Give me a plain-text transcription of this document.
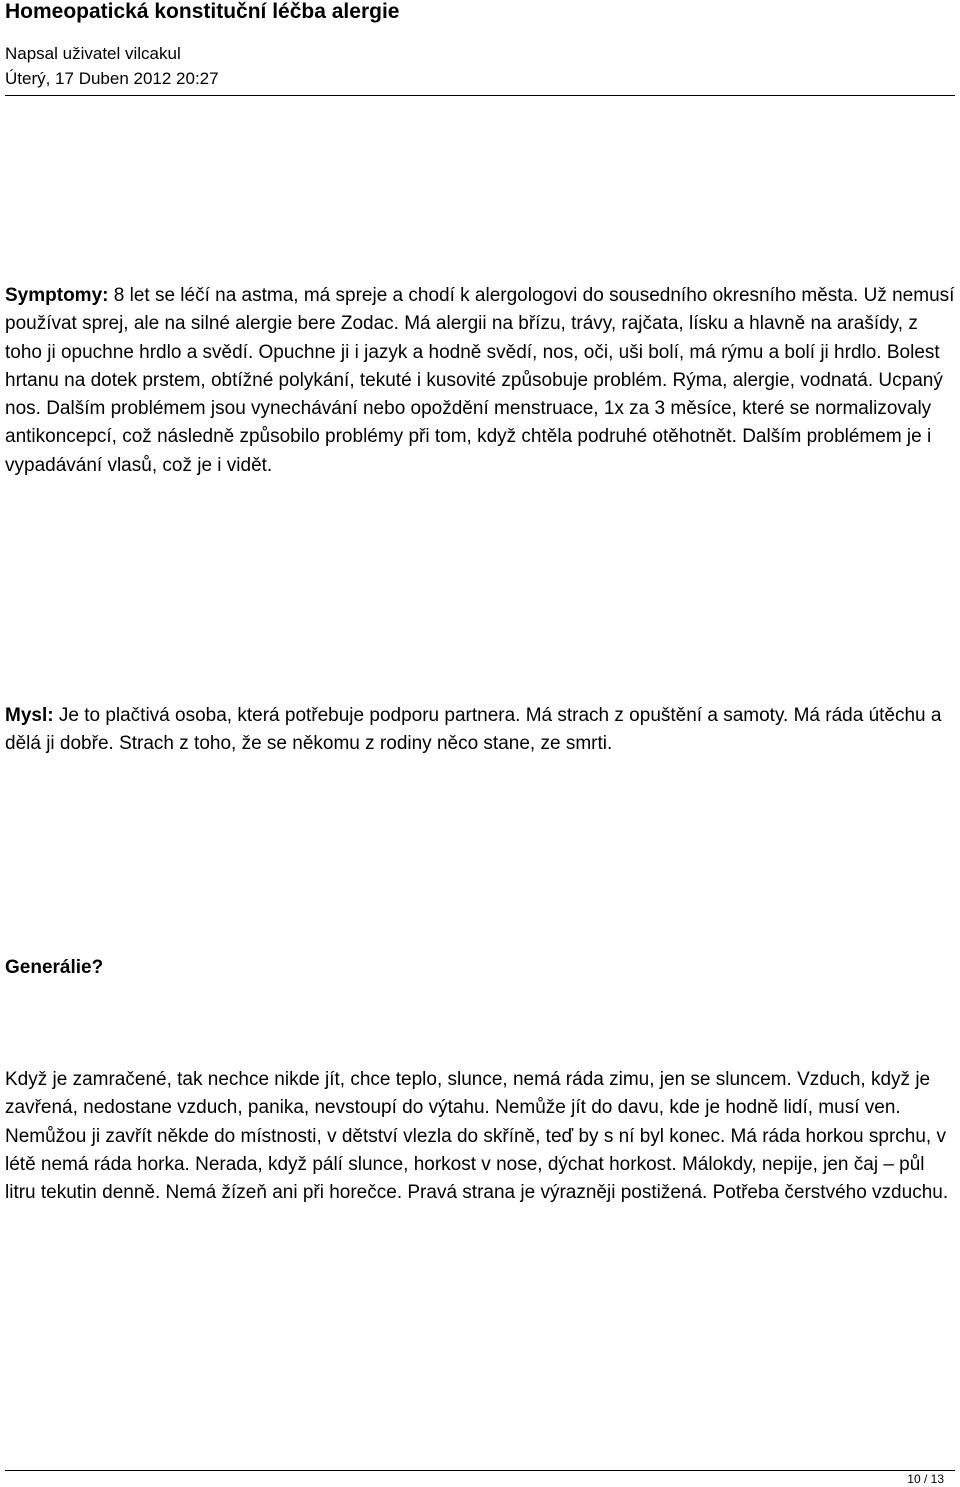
Homeopatická konstituční léčba alergie
Napsal uživatel vilcakul
Úterý, 17 Duben 2012 20:27

Symptomy: 8 let se léčí na astma, má spreje a chodí k alergologovi do sousedního okresního města. Už nemusí používat sprej, ale na silné alergie bere Zodac. Má alergii na břízu, trávy, rajčata, lísku a hlavně na arašídy, z toho ji opuchne hrdlo a svědí. Opuchne ji i jazyk a hodně svědí, nos, oči, uši bolí, má rýmu a bolí ji hrdlo. Bolest hrtanu na dotek prstem, obtížné polykání, tekuté i kusovité způsobuje problém. Rýma, alergie, vodnatá. Ucpaný nos. Dalším problémem jsou vynechávání nebo opoždění menstruace, 1x za 3 měsíce, které se normalizovaly antikoncepcí, což následně způsobilo problémy při tom, když chtěla podruhé otěhotnět. Dalším problémem je i vypadávání vlasů, což je i vidět.

Mysl: Je to plačtivá osoba, která potřebuje podporu partnera. Má strach z opuštění a samoty. Má ráda útěchu a dělá ji dobře. Strach z toho, že se někomu z rodiny něco stane, ze smrti.

Generálie?

Když je zamračené, tak nechce nikde jít, chce teplo, slunce, nemá ráda zimu, jen se sluncem. Vzduch, když je zavřená, nedostane vzduch, panika, nevstoupí do výtahu. Nemůže jít do davu, kde je hodně lidí, musí ven. Nemůžou ji zavřít někde do místnosti, v dětství vlezla do skříně, teď by s ní byl konec. Má ráda horkou sprchu, v létě nemá ráda horka. Nerada, když pálí slunce, horkost v nose, dýchat horkost. Málokdy, nepije, jen čaj – půl litru tekutin denně. Nemá žízeň ani při horečce. Pravá strana je výrazněji postižená. Potřeba čerstvého vzduchu.

10 / 13
